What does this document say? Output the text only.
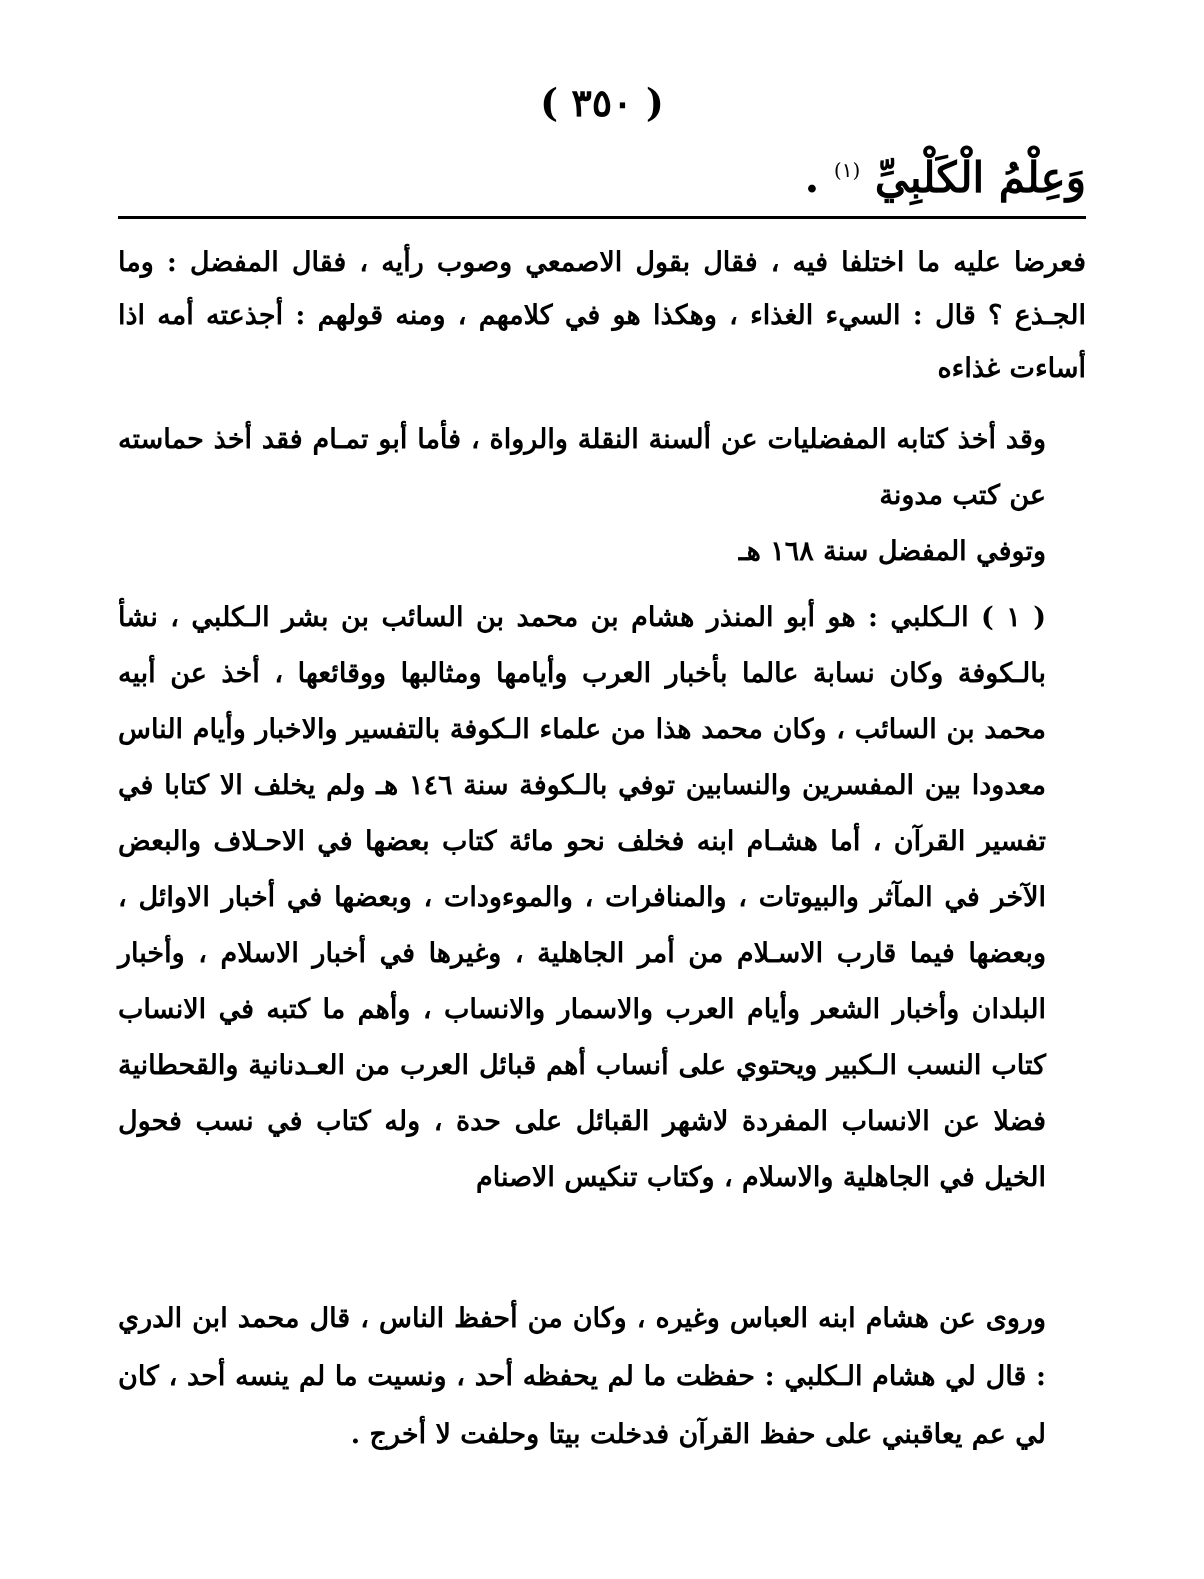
( ٣٥٠ )
وَعِلْمُ الْكَلْبِيِّ $^{(١)}$ .

فعرضا عليه ما اختلفا فيه ، فقال بقول الاصمعي وصوب رأيه ، فقال المفضل : وما الجـذع ؟ قال : السيء الغذاء ، وهكذا هو في كلامهم ، ومنه قولهم : أجذعته أمه اذا أساءت غذاءه

وقد أخذ كتابه المفضليات عن ألسنة النقلة والرواة ، فأما أبو تمـام فقد أخذ حماسته عن كتب مدونة

وتوفي المفضل سنة ١٦٨ هـ

( ١ ) الـكلبي : هو أبو المنذر هشام بن محمد بن السائب بن بشر الـكلبي ، نشأ بالـكوفة وكان نسابة عالما بأخبار العرب وأيامها ومثالبها ووقائعها ، أخذ عن أبيه محمد بن السائب ، وكان محمد هذا من علماء الـكوفة بالتفسير والاخبار وأيام الناس معدودا بين المفسرين والنسابين توفي بالـكوفة سنة ١٤٦ هـ ولم يخلف الا كتابا في تفسير القرآن ، أما هشـام ابنه فخلف نحو مائة كتاب بعضها في الاحـلاف والبعض الآخر في المآثر والبيوتات ، والمنافرات ، والموءودات ، وبعضها في أخبار الاوائل ، وبعضها فيما قارب الاسـلام من أمر الجاهلية ، وغيرها في أخبار الاسلام ، وأخبار البلدان وأخبار الشعر وأيام العرب والاسمار والانساب ، وأهم ما كتبه في الانساب كتاب النسب الـكبير ويحتوي على أنساب أهم قبائل العرب من العـدنانية والقحطانية فضلا عن الانساب المفردة لاشهر القبائل على حدة ، وله كتاب في نسب فحول الخيل في الجاهلية والاسلام ، وكتاب تنكيس الاصنام

وروى عن هشام ابنه العباس وغيره ، وكان من أحفظ الناس ، قال محمد ابن الدري : قال لي هشام الـكلبي : حفظت ما لم يحفظه أحد ، ونسيت ما لم ينسه أحد ، كان لي عم يعاقبني على حفظ القرآن فدخلت بيتا وحلفت لا أخرج .
